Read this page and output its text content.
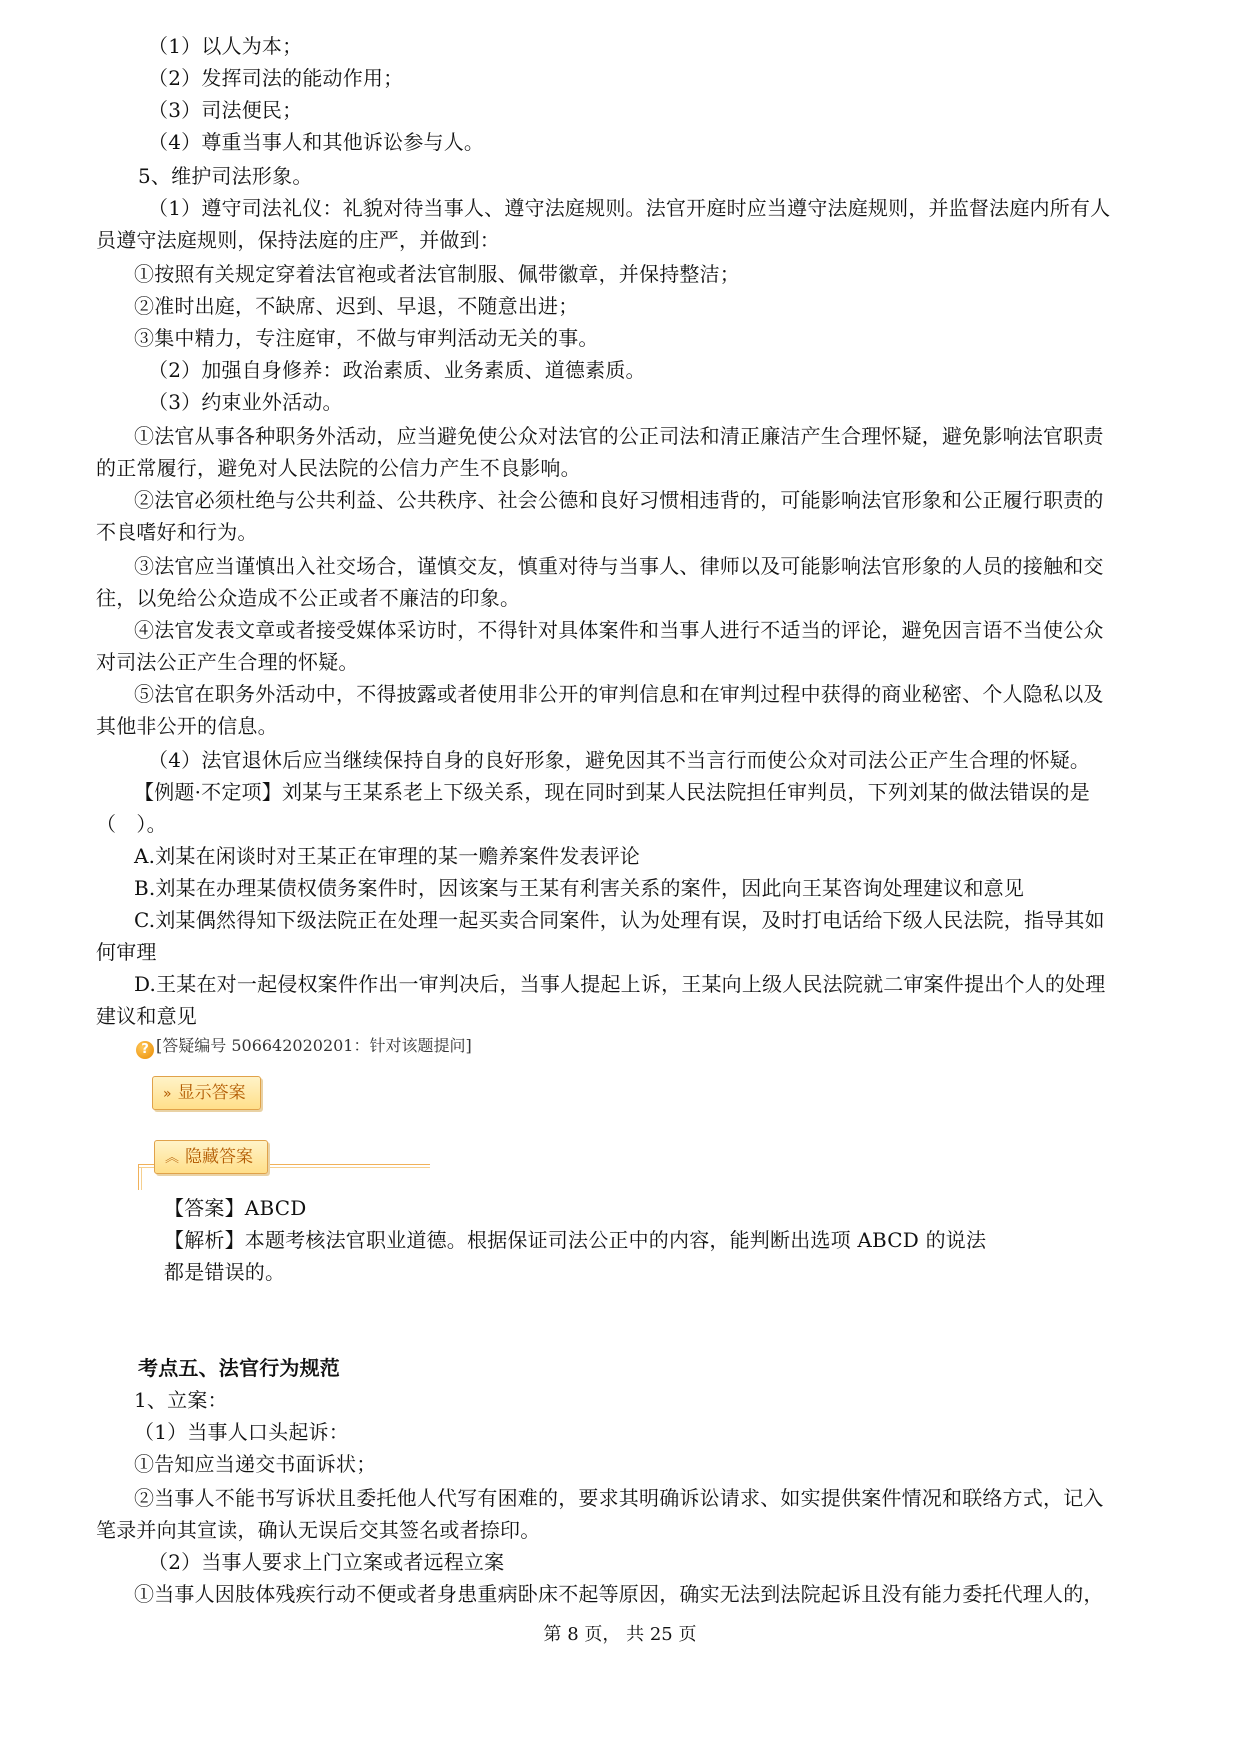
（1）以人为本；
（2）发挥司法的能动作用；
（3）司法便民；
（4）尊重当事人和其他诉讼参与人。
5、维护司法形象。
（1）遵守司法礼仪：礼貌对待当事人、遵守法庭规则。法官开庭时应当遵守法庭规则，并监督法庭内所有人
员遵守法庭规则，保持法庭的庄严，并做到：
①按照有关规定穿着法官袍或者法官制服、佩带徽章，并保持整洁；
②准时出庭，不缺席、迟到、早退，不随意出进；
③集中精力，专注庭审，不做与审判活动无关的事。
（2）加强自身修养：政治素质、业务素质、道德素质。
（3）约束业外活动。
①法官从事各种职务外活动，应当避免使公众对法官的公正司法和清正廉洁产生合理怀疑，避免影响法官职责
的正常履行，避免对人民法院的公信力产生不良影响。
②法官必须杜绝与公共利益、公共秩序、社会公德和良好习惯相违背的，可能影响法官形象和公正履行职责的
不良嗜好和行为。
③法官应当谨慎出入社交场合，谨慎交友，慎重对待与当事人、律师以及可能影响法官形象的人员的接触和交
往，以免给公众造成不公正或者不廉洁的印象。
④法官发表文章或者接受媒体采访时，不得针对具体案件和当事人进行不适当的评论，避免因言语不当使公众
对司法公正产生合理的怀疑。
⑤法官在职务外活动中，不得披露或者使用非公开的审判信息和在审判过程中获得的商业秘密、个人隐私以及
其他非公开的信息。
（4）法官退休后应当继续保持自身的良好形象，避免因其不当言行而使公众对司法公正产生合理的怀疑。
【例题·不定项】刘某与王某系老上下级关系，现在同时到某人民法院担任审判员，下列刘某的做法错误的是
（　）。
A.刘某在闲谈时对王某正在审理的某一赡养案件发表评论
B.刘某在办理某债权债务案件时，因该案与王某有利害关系的案件，因此向王某咨询处理建议和意见
C.刘某偶然得知下级法院正在处理一起买卖合同案件，认为处理有误，及时打电话给下级人民法院，指导其如
何审理
D.王某在对一起侵权案件作出一审判决后，当事人提起上诉，王某向上级人民法院就二审案件提出个人的处理
建议和意见
? [答疑编号 506642020201：针对该题提问]
» 显示答案
︽ 隐藏答案
【答案】ABCD
【解析】本题考核法官职业道德。根据保证司法公正中的内容，能判断出选项 ABCD 的说法
都是错误的。
考点五、法官行为规范
1、立案：
（1）当事人口头起诉：
①告知应当递交书面诉状；
②当事人不能书写诉状且委托他人代写有困难的，要求其明确诉讼请求、如实提供案件情况和联络方式，记入
笔录并向其宣读，确认无误后交其签名或者捺印。
（2）当事人要求上门立案或者远程立案
①当事人因肢体残疾行动不便或者身患重病卧床不起等原因，确实无法到法院起诉且没有能力委托代理人的，
第 8 页， 共 25 页
